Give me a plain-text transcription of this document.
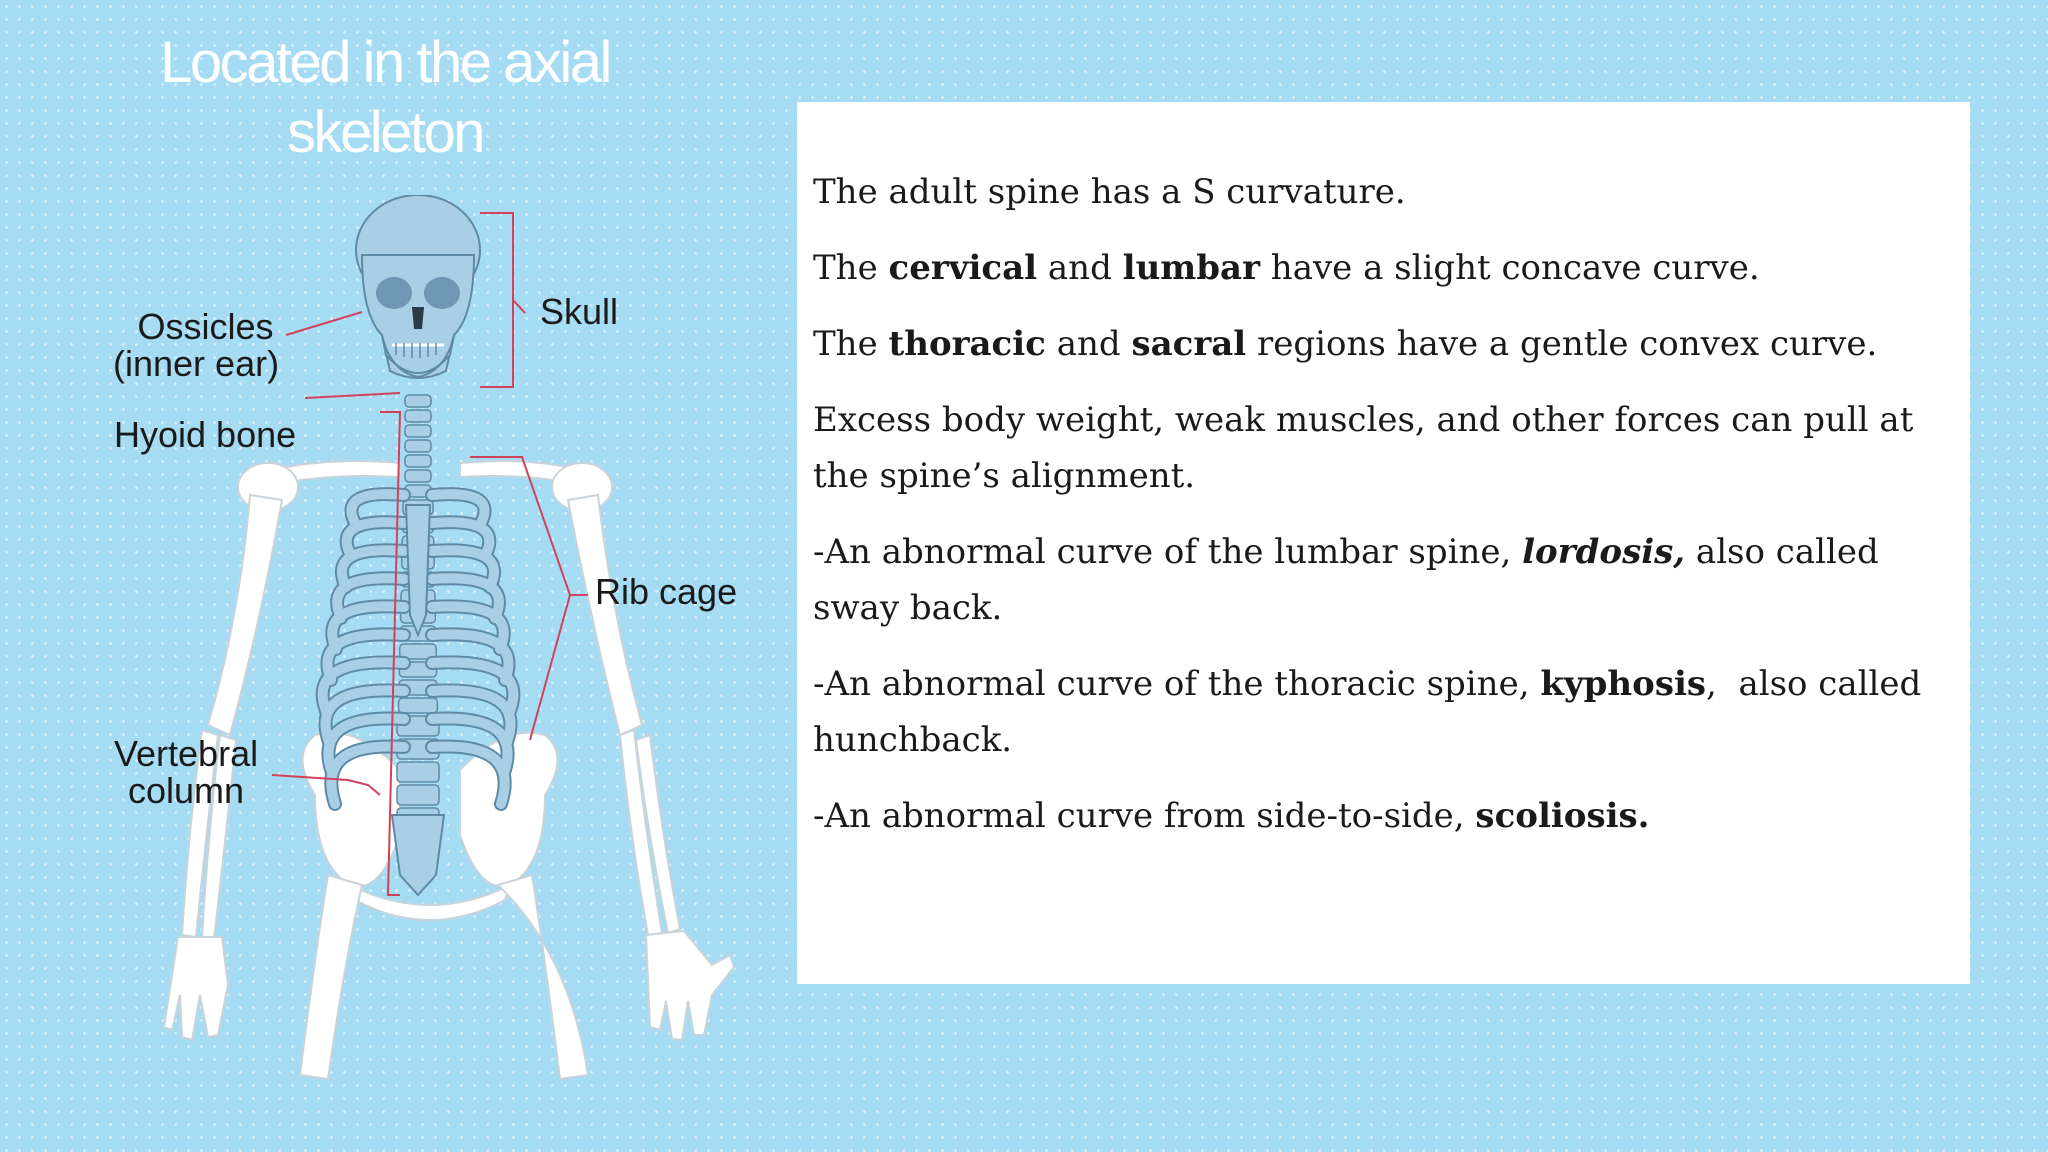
Located in the axial
skeleton
Skull
Ossicles
(inner ear)
Hyoid bone
Rib cage
Vertebral
column

The adult spine has a S curvature.

The cervical and lumbar have a slight concave curve.

The thoracic and sacral regions have a gentle convex curve.

Excess body weight, weak muscles, and other forces can pull at the spine’s alignment.

-An abnormal curve of the lumbar spine, lordosis, also called sway back.

-An abnormal curve of the thoracic spine, kyphosis,  also called hunchback.

-An abnormal curve from side-to-side, scoliosis.
